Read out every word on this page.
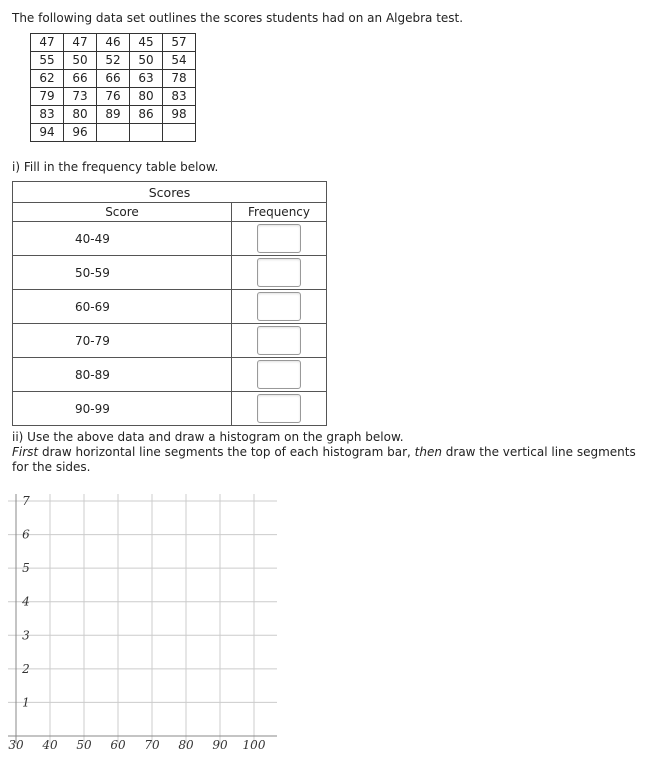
The following data set outlines the scores students had on an Algebra test.
47	47	46	45	57
55	50	52	50	54
62	66	66	63	78
79	73	76	80	83
83	80	89	86	98
94	96			
i) Fill in the frequency table below.
Scores	
Score	Frequency
40-49	
50-59	
60-69	
70-79	
80-89	
90-99	
ii) Use the above data and draw a histogram on the graph below.
First draw horizontal line segments the top of each histogram bar, then draw the vertical line segments for the sides.
30 40 50 60 70 80 90 100
1
2
3
4
5
6
7
